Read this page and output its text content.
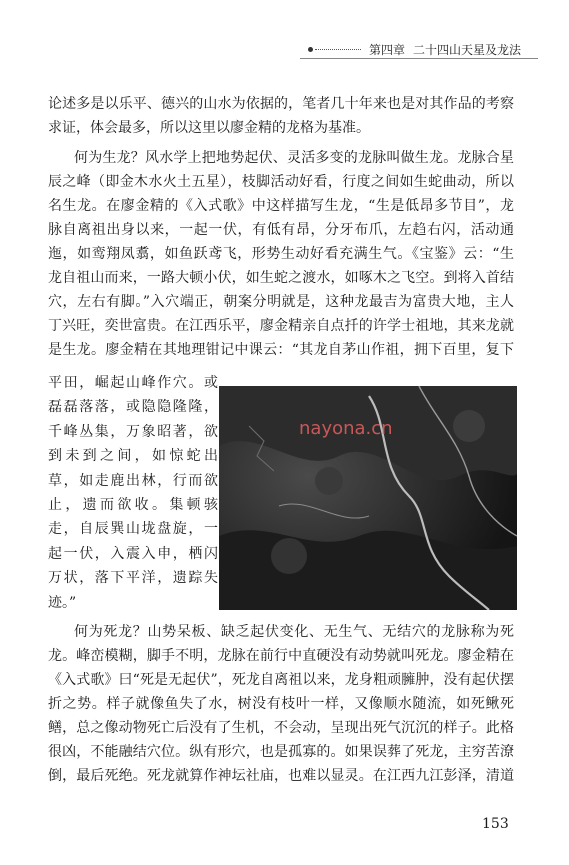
第四章 二十四山天星及龙法
论述多是以乐平、德兴的山水为依据的，笔者几十年来也是对其作品的考察
求证，体会最多，所以这里以廖金精的龙格为基准。
何为生龙？风水学上把地势起伏、灵活多变的龙脉叫做生龙。龙脉合星
辰之峰（即金木水火土五星），枝脚活动好看，行度之间如生蛇曲动，所以
名生龙。在廖金精的《入式歌》中这样描写生龙，“生是低昂多节目”，龙
脉自离祖出身以来，一起一伏，有低有昂，分牙布爪，左趋右闪，活动通
迤，如鸾翔凤翥，如鱼跃鸢飞，形势生动好看充满生气。《宝鉴》云：“生
龙自祖山而来，一路大顿小伏，如生蛇之渡水，如啄木之飞空。到将入首结
穴，左右有脚。”入穴端正，朝案分明就是，这种龙最吉为富贵大地，主人
丁兴旺，奕世富贵。在江西乐平，廖金精亲自点扦的许学士祖地，其来龙就
是生龙。廖金精在其地理钳记中课云：“其龙自茅山作祖，拥下百里，复下
平田，崛起山峰作穴。或
磊磊落落，或隐隐隆隆，
千峰丛集，万象昭著，欲
到未到之间，如惊蛇出
草，如走鹿出林，行而欲
止，遗而欲收。集顿骇
走，自辰巽山垅盘旋，一
起一伏，入震入申，栖闪
万状，落下平洋，遗踪失
迹。”
nayona.cn
何为死龙？山势呆板、缺乏起伏变化、无生气、无结穴的龙脉称为死
龙。峰峦模糊，脚手不明，龙脉在前行中直硬没有动势就叫死龙。廖金精在
《入式歌》曰“死是无起伏”，死龙自离祖以来，龙身粗顽臃肿，没有起伏摆
折之势。样子就像鱼失了水，树没有枝叶一样，又像顺水随流，如死鳅死
鳝，总之像动物死亡后没有了生机，不会动，呈现出死气沉沉的样子。此格
很凶，不能融结穴位。纵有形穴，也是孤寡的。如果误葬了死龙，主穷苦潦
倒，最后死绝。死龙就算作神坛社庙，也难以显灵。在江西九江彭泽，清道
153
